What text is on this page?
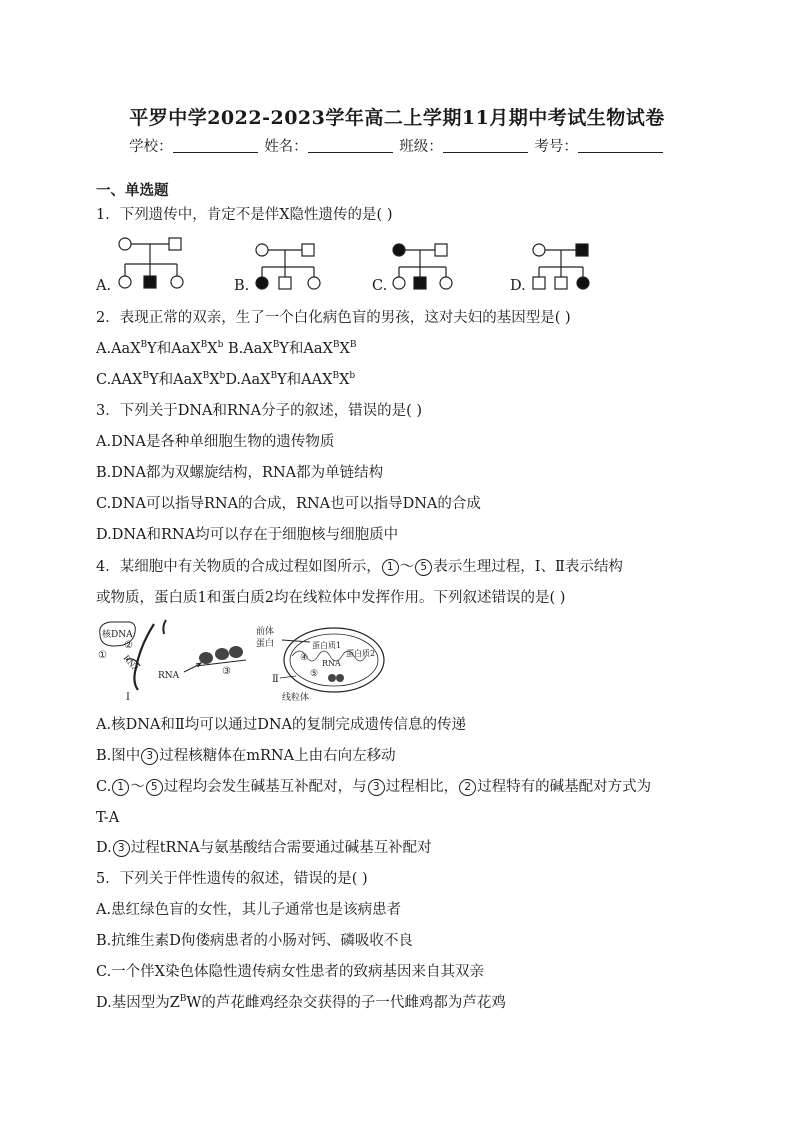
平罗中学2022-2023学年高二上学期11月期中考试生物试卷
学校：	姓名：	班级：	考号：
一、单选题
1．下列遗传中，肯定不是伴X隐性遗传的是( )
A.	B.	C.	D.
2．表现正常的双亲，生了一个白化病色盲的男孩，这对夫妇的基因型是( )
A.AaX$^B$Y和$AaX^BX^b$ B.AaX$^B$Y和$AaX^BX^B$
$C.AAX^BY$和$AaX^BX^bD.AaX^BY$和$AAX^BX^b$
3．下列关于DNA和RNA分子的叙述，错误的是( )
A.DNA是各种单细胞生物的遗传物质
B.DNA都为双螺旋结构，RNA都为单链结构
C.DNA可以指导RNA的合成，RNA也可以指导DNA的合成
D.DNA和RNA均可以存在于细胞核与细胞质中
4．某细胞中有关物质的合成过程如图所示， 1 ～ 5 表示生理过程，Ⅰ、Ⅱ表示结构
或物质，蛋白质1和蛋白质2均在线粒体中发挥作用。下列叙述错误的是( )
核DNA
①
②
RNA
Ⅰ
RNA	③
前体
蛋白	蛋白质1
蛋白质2
④
RNA
⑤
Ⅱ
线粒体
A.核DNA和Ⅱ均可以通过DNA的复制完成遗传信息的传递
B.图中 3 过程核糖体在mRNA上由右向左移动
C. 1 ～ 5 过程均会发生碱基互补配对，与 3 过程相比， 2 过程特有的碱基配对方式为
T-A
D. 3 过程tRNA与氨基酸结合需要通过碱基互补配对
5．下列关于伴性遗传的叙述，错误的是( )
A.患红绿色盲的女性，其儿子通常也是该病患者
B.抗维生素D佝偻病患者的小肠对钙、磷吸收不良
C.一个伴X染色体隐性遗传病女性患者的致病基因来自其双亲
D.基因型为$Z^BW$的芦花雌鸡经杂交获得的子一代雌鸡都为芦花鸡
